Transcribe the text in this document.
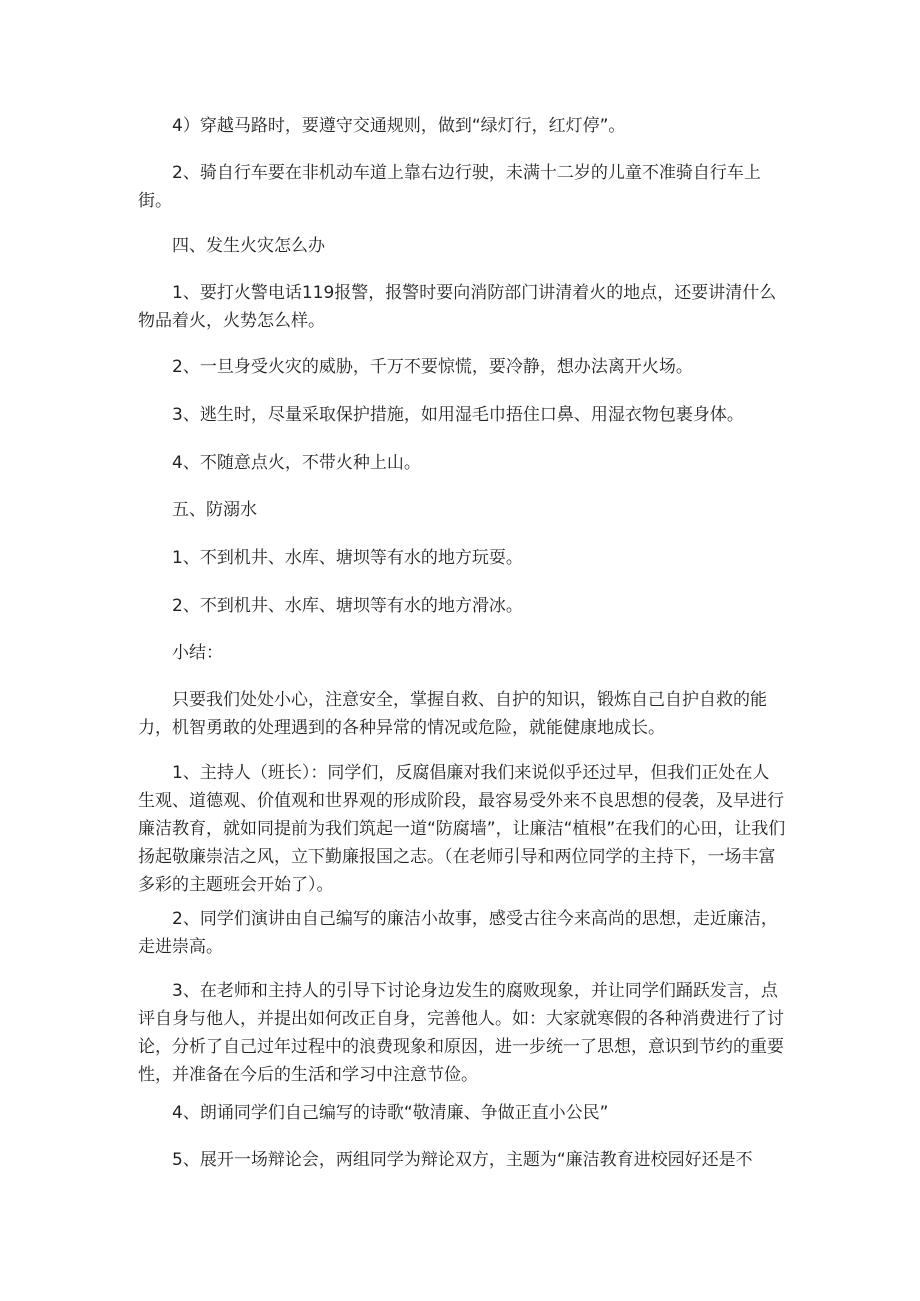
4）穿越马路时，要遵守交通规则，做到“绿灯行，红灯停”。

2、骑自行车要在非机动车道上靠右边行驶，未满十二岁的儿童不准骑自行车上街。

四、发生火灾怎么办

1、要打火警电话119报警，报警时要向消防部门讲清着火的地点，还要讲清什么物品着火，火势怎么样。

2、一旦身受火灾的威胁，千万不要惊慌，要冷静，想办法离开火场。

3、逃生时，尽量采取保护措施，如用湿毛巾捂住口鼻、用湿衣物包裹身体。

4、不随意点火，不带火种上山。

五、防溺水

1、不到机井、水库、塘坝等有水的地方玩耍。

2、不到机井、水库、塘坝等有水的地方滑冰。

小结：

只要我们处处小心，注意安全，掌握自救、自护的知识，锻炼自己自护自救的能力，机智勇敢的处理遇到的各种异常的情况或危险，就能健康地成长。

1、主持人（班长）：同学们，反腐倡廉对我们来说似乎还过早，但我们正处在人生观、道德观、价值观和世界观的形成阶段，最容易受外来不良思想的侵袭，及早进行廉洁教育，就如同提前为我们筑起一道“防腐墙”，让廉洁“植根”在我们的心田，让我们扬起敬廉崇洁之风，立下勤廉报国之志。（在老师引导和两位同学的主持下，一场丰富多彩的主题班会开始了）。

2、同学们演讲由自己编写的廉洁小故事，感受古往今来高尚的思想，走近廉洁，走进崇高。

3、在老师和主持人的引导下讨论身边发生的腐败现象，并让同学们踊跃发言，点评自身与他人，并提出如何改正自身，完善他人。如：大家就寒假的各种消费进行了讨论，分析了自己过年过程中的浪费现象和原因，进一步统一了思想，意识到节约的重要性，并准备在今后的生活和学习中注意节俭。

4、朗诵同学们自己编写的诗歌“敬清廉、争做正直小公民”

5、展开一场辩论会，两组同学为辩论双方，主题为“廉洁教育进校园好还是不
